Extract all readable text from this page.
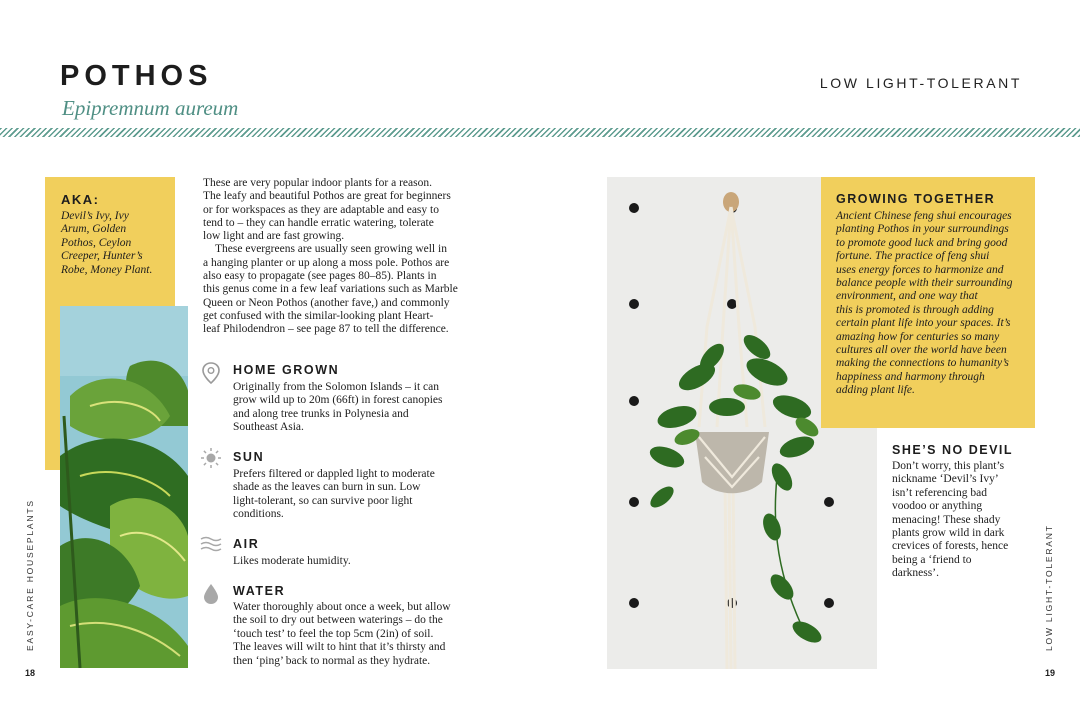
POTHOS
Epipremnum aureum
LOW LIGHT-TOLERANT
AKA:
Devil’s Ivy, Ivy
Arum, Golden
Pothos, Ceylon
Creeper, Hunter’s
Robe, Money Plant.

These are very popular indoor plants for a reason.
The leafy and beautiful Pothos are great for beginners
or for workspaces as they are adaptable and easy to
tend to – they can handle erratic watering, tolerate
low light and are fast growing.

These evergreens are usually seen growing well in
a hanging planter or up along a moss pole. Pothos are
also easy to propagate (see pages 80–85). Plants in
this genus come in a few leaf variations such as Marble
Queen or Neon Pothos (another fave,) and commonly
get confused with the similar-looking plant Heart-
leaf Philodendron – see page 87 to tell the difference.

HOME GROWN
Originally from the Solomon Islands – it can
grow wild up to 20m (66ft) in forest canopies
and along tree trunks in Polynesia and
Southeast Asia.
SUN
Prefers filtered or dappled light to moderate
shade as the leaves can burn in sun. Low
light-tolerant, so can survive poor light
conditions.
AIR
Likes moderate humidity.
WATER
Water thoroughly about once a week, but allow
the soil to dry out between waterings – do the
‘touch test’ to feel the top 5cm (2in) of soil.
The leaves will wilt to hint that it’s thirsty and
then ‘ping’ back to normal as they hydrate.
GROWING TOGETHER
Ancient Chinese feng shui encourages
planting Pothos in your surroundings
to promote good luck and bring good
fortune. The practice of feng shui
uses energy forces to harmonize and
balance people with their surrounding
environment, and one way that
this is promoted is through adding
certain plant life into your spaces. It’s
amazing how for centuries so many
cultures all over the world have been
making the connections to humanity’s
happiness and harmony through
adding plant life.
SHE’S NO DEVIL
Don’t worry, this plant’s
nickname ‘Devil’s Ivy’
isn’t referencing bad
voodoo or anything
menacing! These shady
plants grow wild in dark
crevices of forests, hence
being a ‘friend to
darkness’.
EASY-CARE HOUSEPLANTS	LOW LIGHT-TOLERANT
18	19
